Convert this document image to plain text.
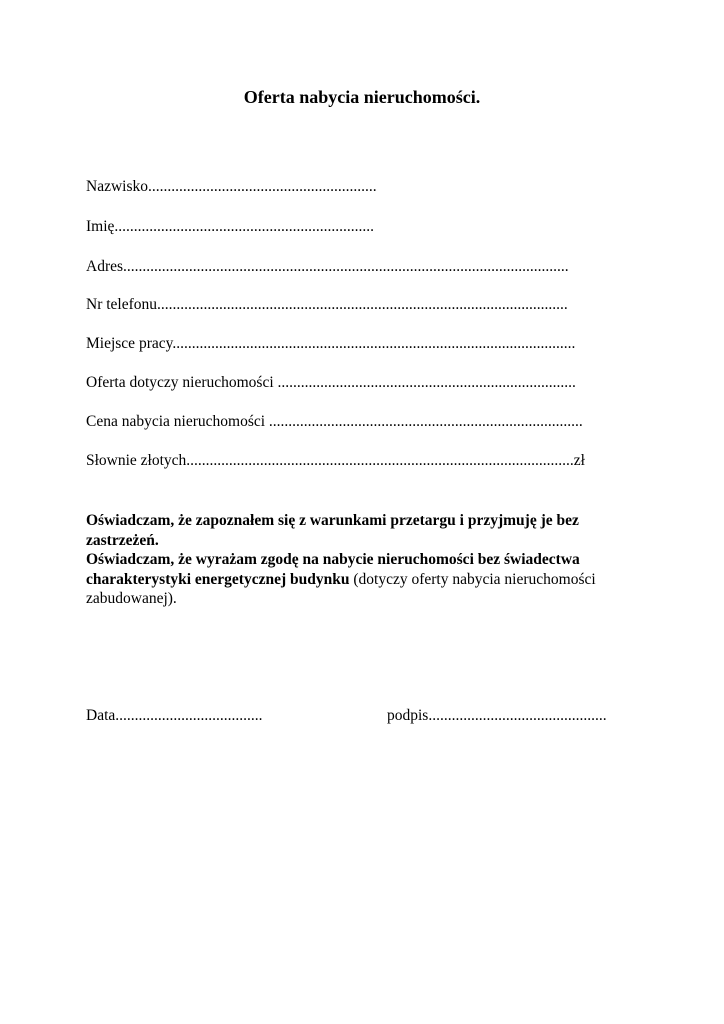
Oferta nabycia nieruchomości.
Nazwisko...........................................................
Imię...................................................................
Adres...................................................................................................................
Nr telefonu..........................................................................................................
Miejsce pracy........................................................................................................
Oferta dotyczy nieruchomości .............................................................................
Cena nabycia nieruchomości .................................................................................
Słownie złotych....................................................................................................zł
Oświadczam, że zapoznałem się z warunkami przetargu i przyjmuję je bez zastrzeżeń.
Oświadczam, że wyrażam zgodę na nabycie nieruchomości bez świadectwa charakterystyki energetycznej budynku (dotyczy oferty nabycia nieruchomości zabudowanej).
Data......................................	podpis..............................................
